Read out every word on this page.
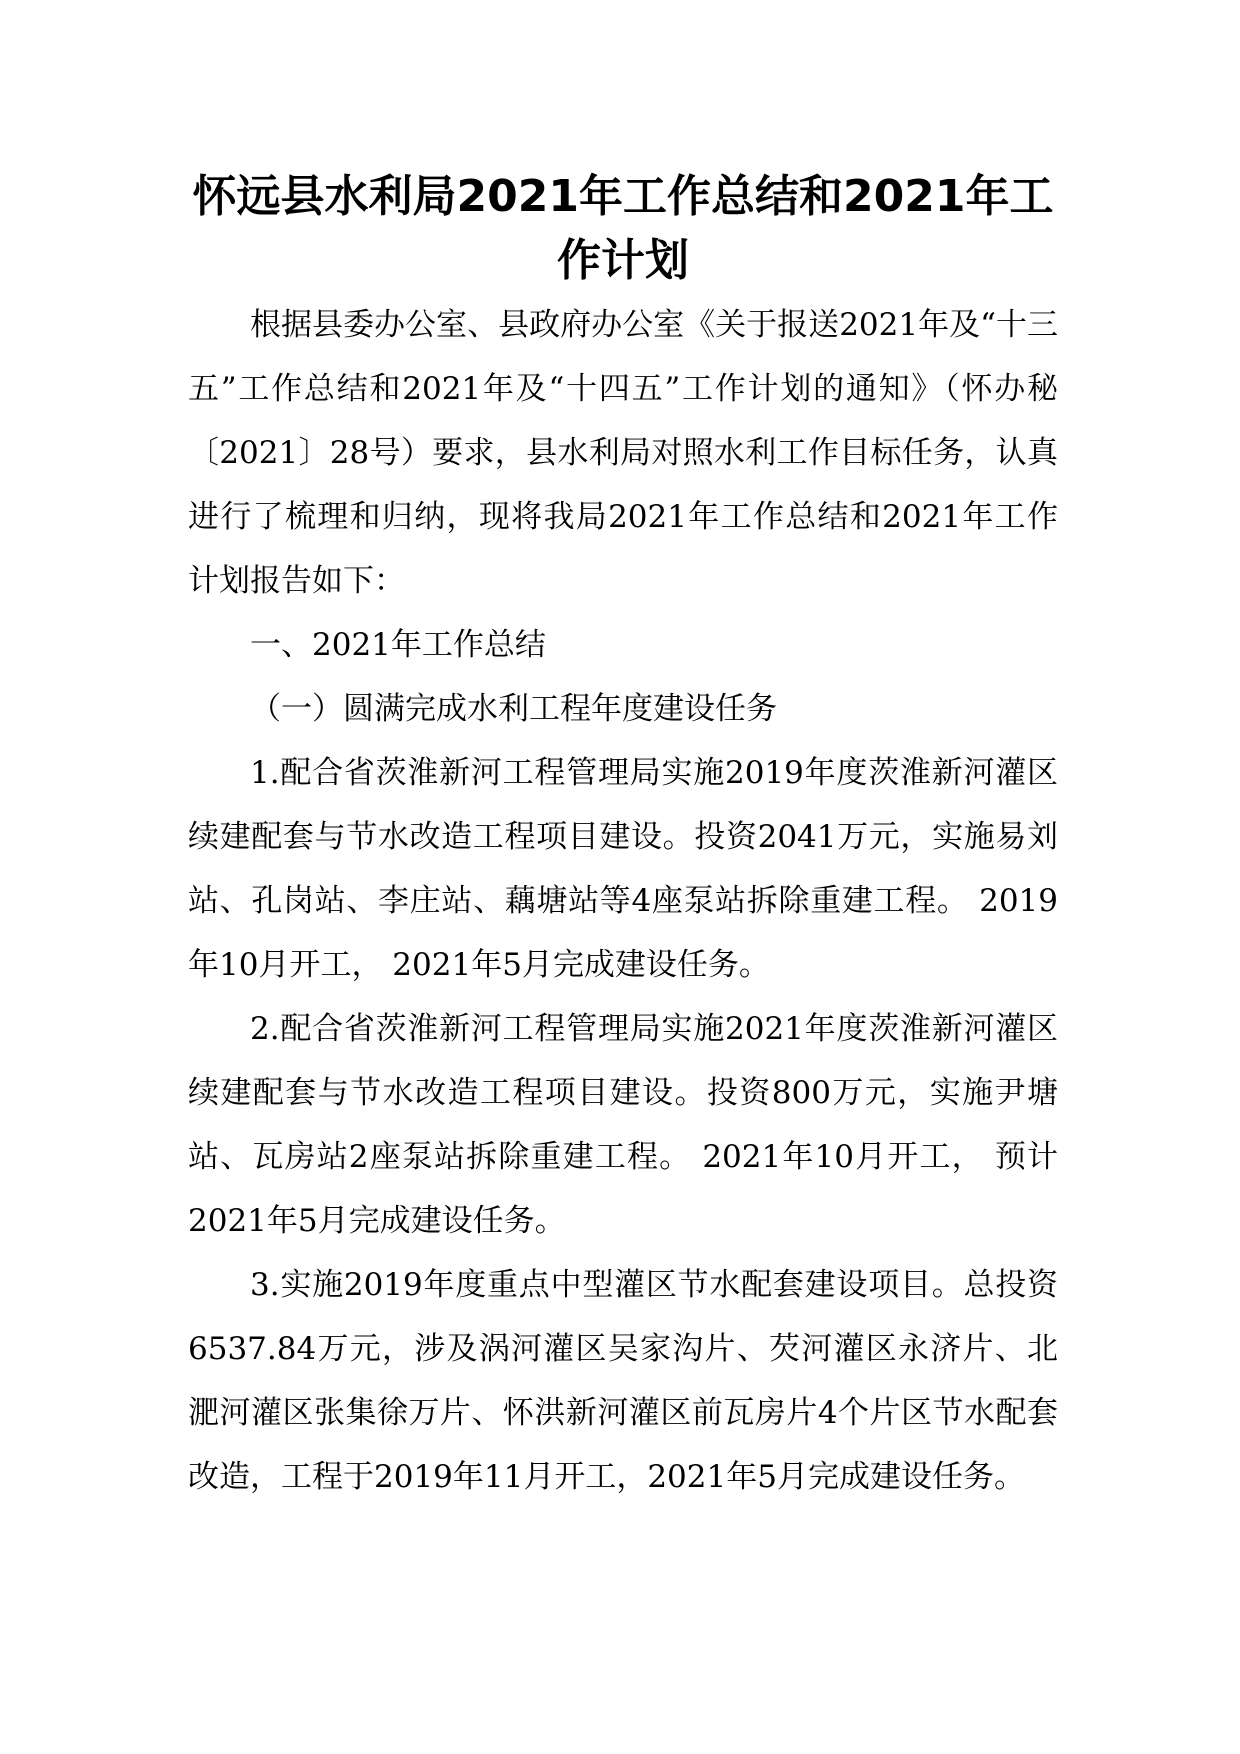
怀远县水利局2021年工作总结和2021年工
作计划

根据县委办公室、县政府办公室《关于报送2021年及“十三五”工作总结和2021年及“十四五”工作计划的通知》（怀办秘〔2021〕28号）要求，县水利局对照水利工作目标任务，认真进行了梳理和归纳，现将我局2021年工作总结和2021年工作计划报告如下：

一、2021年工作总结

（一）圆满完成水利工程年度建设任务

1.配合省茨淮新河工程管理局实施2019年度茨淮新河灌区续建配套与节水改造工程项目建设。投资2041万元，实施易刘站、孔岗站、李庄站、藕塘站等4座泵站拆除重建工程。 2019年10月开工， 2021年5月完成建设任务。

2.配合省茨淮新河工程管理局实施2021年度茨淮新河灌区续建配套与节水改造工程项目建设。投资800万元，实施尹塘站、瓦房站2座泵站拆除重建工程。 2021年10月开工， 预计2021年5月完成建设任务。

3.实施2019年度重点中型灌区节水配套建设项目。总投资6537.84万元，涉及涡河灌区吴家沟片、芡河灌区永济片、北淝河灌区张集徐万片、怀洪新河灌区前瓦房片4个片区节水配套改造，工程于2019年11月开工，2021年5月完成建设任务。
